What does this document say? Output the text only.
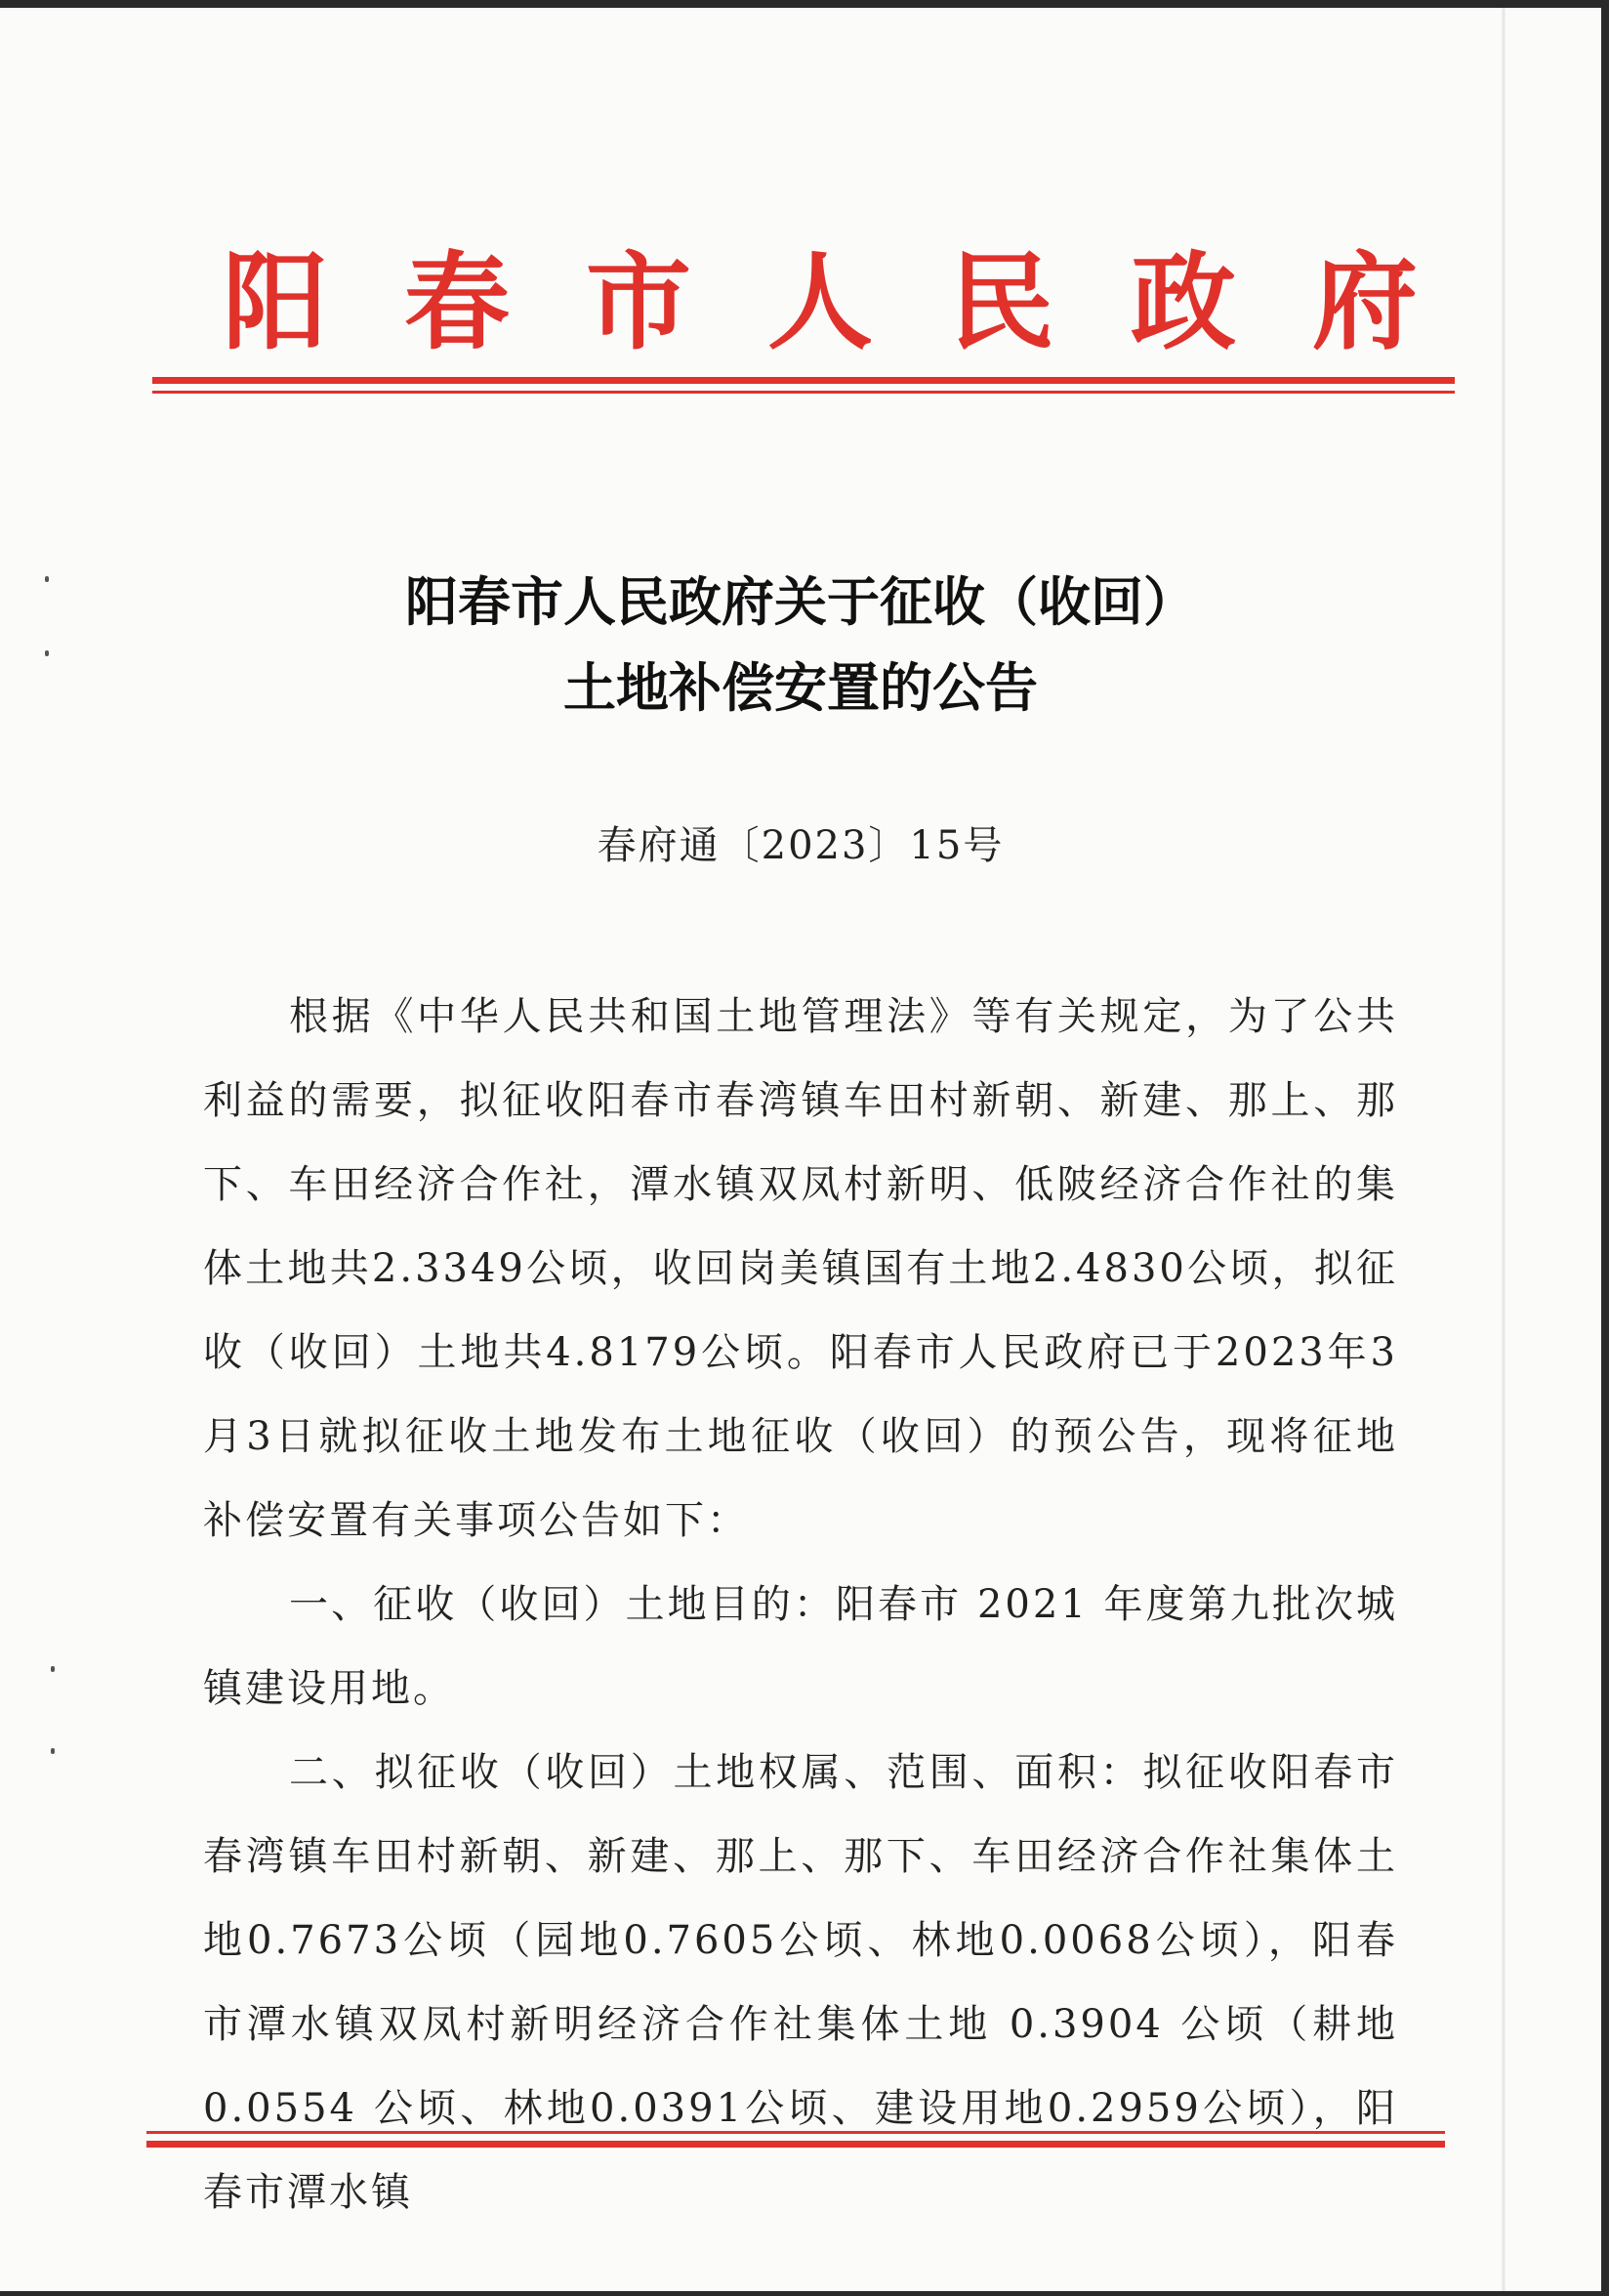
阳春市人民政府
阳春市人民政府关于征收（收回）
土地补偿安置的公告
春府通〔2023〕15号

根据《中华人民共和国土地管理法》等有关规定，为了公共利益的需要，拟征收阳春市春湾镇车田村新朝、新建、那上、那下、车田经济合作社，潭水镇双凤村新明、低陂经济合作社的集体土地共2.3349公顷，收回岗美镇国有土地2.4830公顷，拟征收（收回）土地共4.8179公顷。阳春市人民政府已于2023年3月3日就拟征收土地发布土地征收（收回）的预公告，现将征地补偿安置有关事项公告如下：

一、征收（收回）土地目的：阳春市 2021 年度第九批次城镇建设用地。

二、拟征收（收回）土地权属、范围、面积：拟征收阳春市春湾镇车田村新朝、新建、那上、那下、车田经济合作社集体土地0.7673公顷（园地0.7605公顷、林地0.0068公顷），阳春市潭水镇双凤村新明经济合作社集体土地 0.3904 公顷（耕地 0.0554 公顷、林地0.0391公顷、建设用地0.2959公顷），阳春市潭水镇
